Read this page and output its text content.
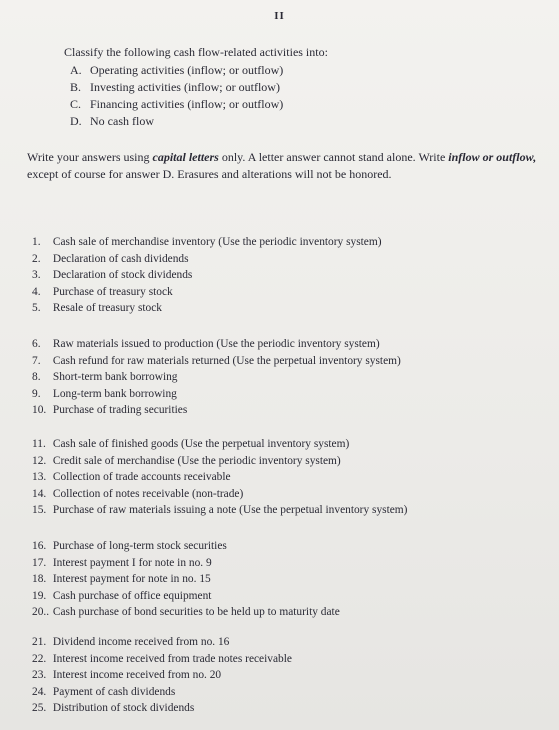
II
Classify the following cash flow-related activities into:
A. Operating activities (inflow; or outflow)
B. Investing activities (inflow; or outflow)
C. Financing activities (inflow; or outflow)
D. No cash flow
Write your answers using capital letters only. A letter answer cannot stand alone. Write inflow or outflow, except of course for answer D. Erasures and alterations will not be honored.
1. Cash sale of merchandise inventory (Use the periodic inventory system)
2. Declaration of cash dividends
3. Declaration of stock dividends
4. Purchase of treasury stock
5. Resale of treasury stock
6. Raw materials issued to production (Use the periodic inventory system)
7. Cash refund for raw materials returned (Use the perpetual inventory system)
8. Short-term bank borrowing
9. Long-term bank borrowing
10. Purchase of trading securities
11. Cash sale of finished goods (Use the perpetual inventory system)
12. Credit sale of merchandise (Use the periodic inventory system)
13. Collection of trade accounts receivable
14. Collection of notes receivable (non-trade)
15. Purchase of raw materials issuing a note (Use the perpetual inventory system)
16. Purchase of long-term stock securities
17. Interest payment I for note in no. 9
18. Interest payment for note in no. 15
19. Cash purchase of office equipment
20.. Cash purchase of bond securities to be held up to maturity date
21. Dividend income received from no. 16
22. Interest income received from trade notes receivable
23. Interest income received from no. 20
24. Payment of cash dividends
25. Distribution of stock dividends
